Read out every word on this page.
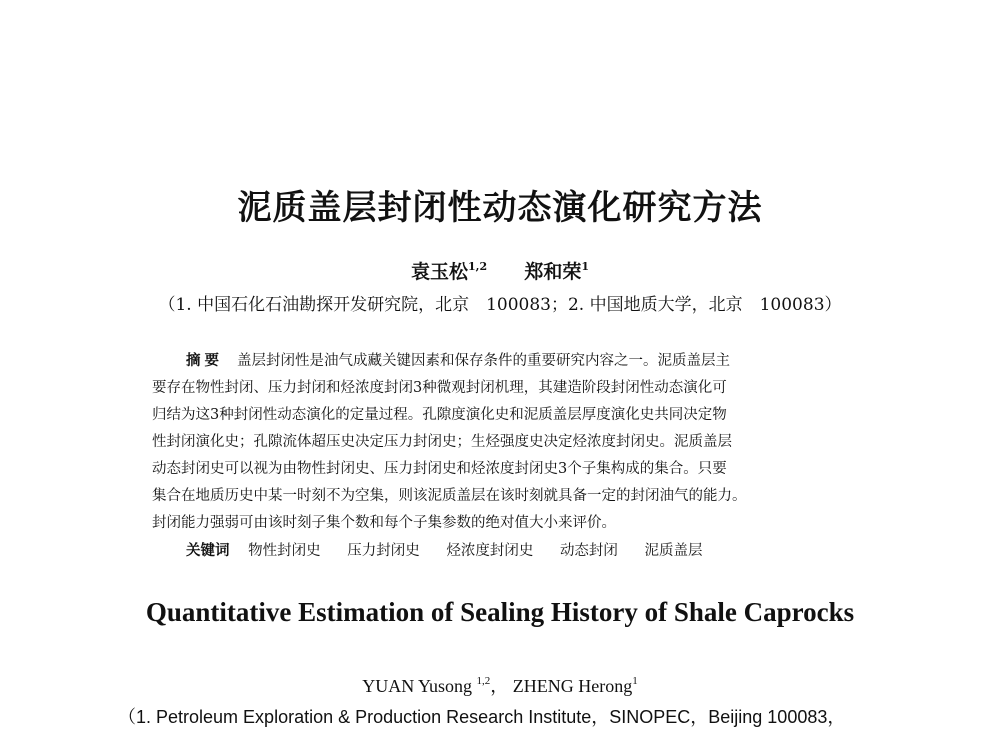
泥质盖层封闭性动态演化研究方法
袁玉松$^{1,2}$ 郑和荣$^1$
（1. 中国石化石油勘探开发研究院，北京　100083；2. 中国地质大学，北京　100083）
摘要 盖层封闭性是油气成藏关键因素和保存条件的重要研究内容之一。泥质盖层主
要存在物性封闭、压力封闭和烃浓度封闭3种微观封闭机理，其建造阶段封闭性动态演化可
归结为这3种封闭性动态演化的定量过程。孔隙度演化史和泥质盖层厚度演化史共同决定物
性封闭演化史；孔隙流体超压史决定压力封闭史；生烃强度史决定烃浓度封闭史。泥质盖层
动态封闭史可以视为由物性封闭史、压力封闭史和烃浓度封闭史3个子集构成的集合。只要
集合在地质历史中某一时刻不为空集，则该泥质盖层在该时刻就具备一定的封闭油气的能力。
封闭能力强弱可由该时刻子集个数和每个子集参数的绝对值大小来评价。
关键词 物性封闭史 压力封闭史 烃浓度封闭史 动态封闭 泥质盖层
Quantitative Estimation of Sealing History of Shale Caprocks
YUAN Yusong $^{1,2}$， ZHENG Herong$^1$
（1. Petroleum Exploration & Production Research Institute，SINOPEC，Beijing 100083，
